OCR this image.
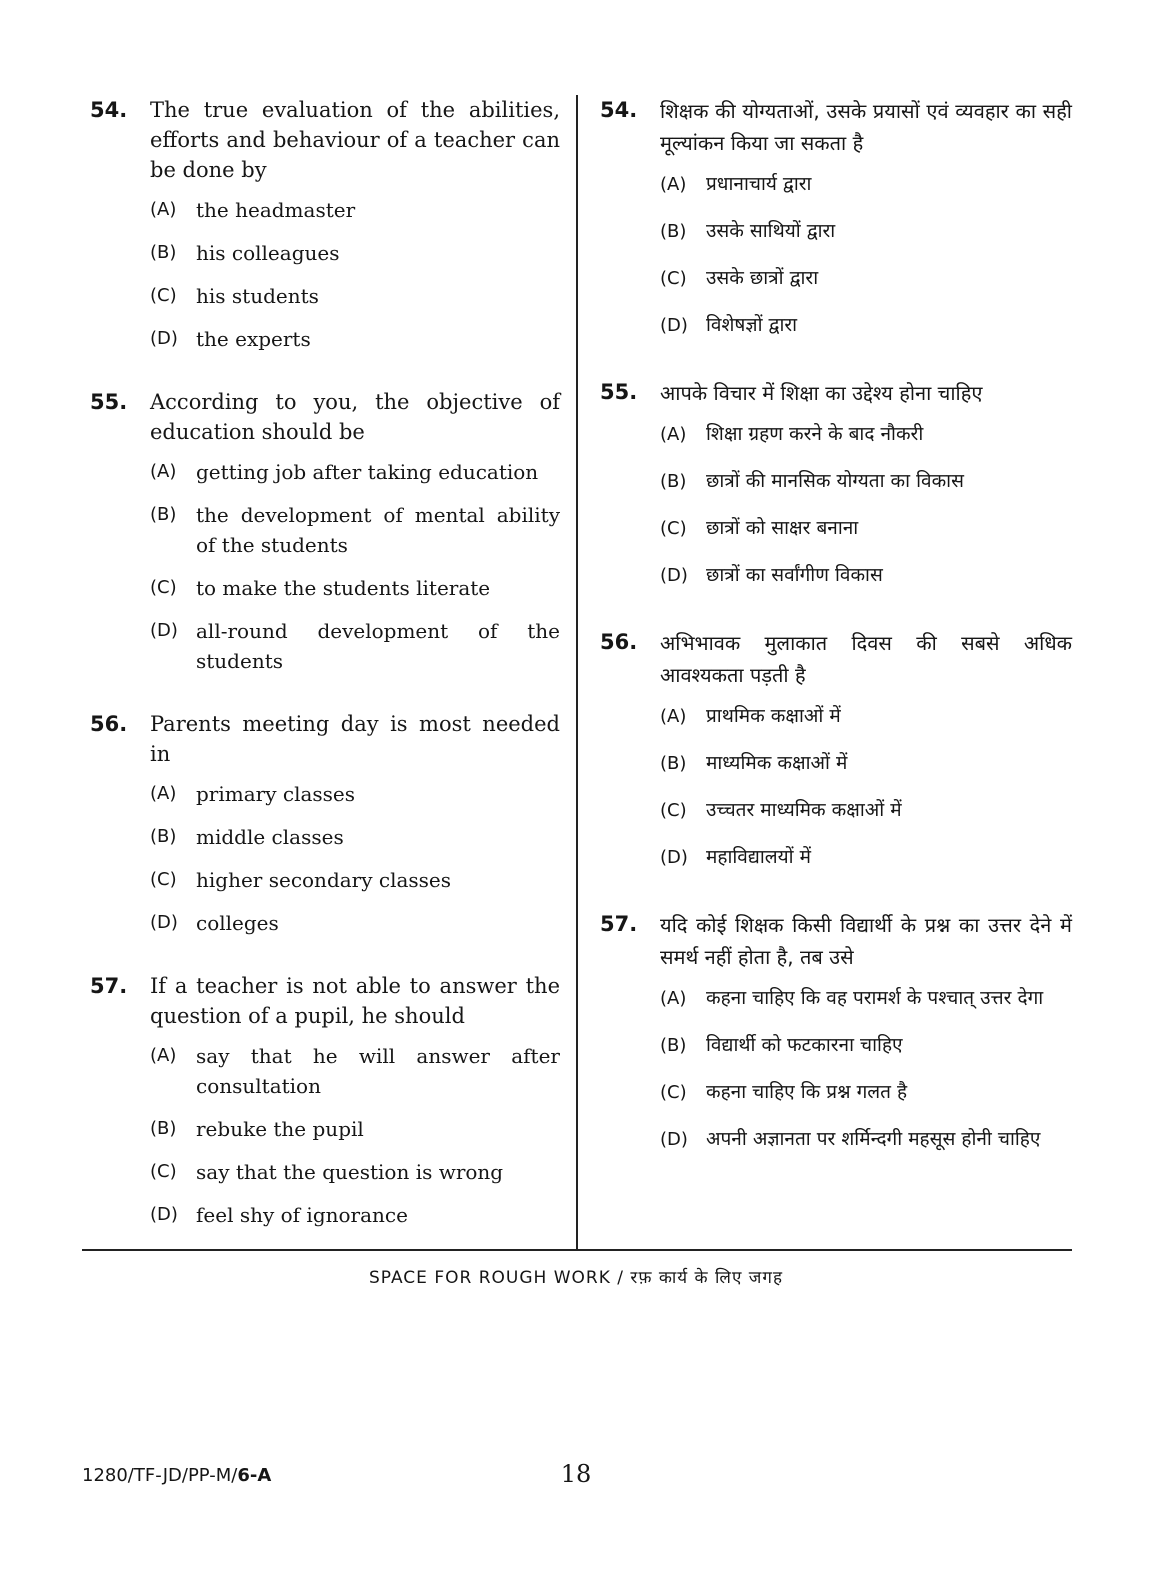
54.	The true evaluation of the abilities, efforts and behaviour of a teacher can be done by

(A) the headmaster
(B) his colleagues
(C) his students
(D) the experts
55.	According to you, the objective of education should be

(A) getting job after taking education
(B) the development of mental ability of the students
(C) to make the students literate
(D) all-round development of the students
56.	Parents meeting day is most needed in

(A) primary classes
(B) middle classes
(C) higher secondary classes
(D) colleges
57.	If a teacher is not able to answer the question of a pupil, he should

(A) say that he will answer after consultation
(B) rebuke the pupil
(C) say that the question is wrong
(D) feel shy of ignorance
54.	शिक्षक की योग्यताओं, उसके प्रयासों एवं व्यवहार का सही मूल्यांकन किया जा सकता है

(A)	प्रधानाचार्य द्वारा
(B)	उसके साथियों द्वारा
(C)	उसके छात्रों द्वारा
(D) विशेषज्ञों द्वारा
55.	आपके विचार में शिक्षा का उद्देश्य होना चाहिए

(A)	शिक्षा ग्रहण करने के बाद नौकरी
(B)	छात्रों की मानसिक योग्यता का विकास
(C)	छात्रों को साक्षर बनाना
(D) छात्रों का सर्वांगीण विकास
56.	अभिभावक मुलाकात दिवस की सबसे अधिक आवश्यकता पड़ती है

(A)	प्राथमिक कक्षाओं में
(B)	माध्यमिक कक्षाओं में
(C)	उच्चतर माध्यमिक कक्षाओं में
(D) महाविद्यालयों में
57.	यदि कोई शिक्षक किसी विद्यार्थी के प्रश्न का उत्तर देने में समर्थ नहीं होता है, तब उसे

(A)	कहना चाहिए कि वह परामर्श के पश्चात् उत्तर देगा
(B)	विद्यार्थी को फटकारना चाहिए
(C)	कहना चाहिए कि प्रश्न गलत है
(D) अपनी अज्ञानता पर शर्मिन्दगी महसूस होनी चाहिए
SPACE FOR ROUGH WORK / रफ़ कार्य के लिए जगह
1280/TF-JD/PP-M/6-A	18
